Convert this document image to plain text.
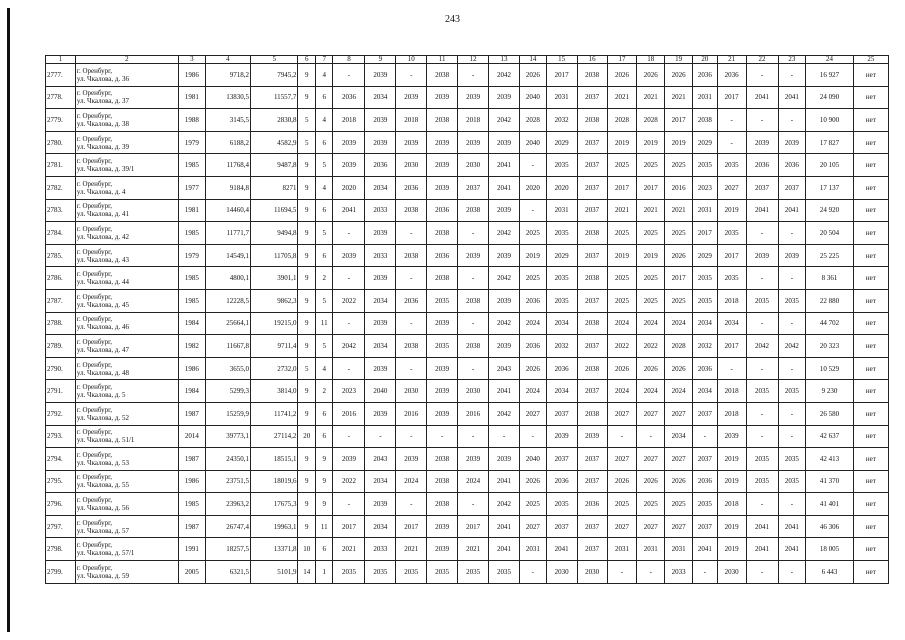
243
1	2	3	4	5	6	7	8	9	10	11	12	13	14	15	16	17	18	19	20	21	22	23	24	25
2777.	г. Оренбург,
ул. Чкалова, д. 36	1986	9718,2	7945,2	9	4	-	2039	-	2038	-	2042	2026	2017	2038	2026	2026	2026	2036	2036	-	-	16 927	нет
2778.	г. Оренбург,
ул. Чкалова, д. 37	1981	13830,5	11557,7	9	6	2036	2034	2039	2039	2039	2039	2040	2031	2037	2021	2021	2021	2031	2017	2041	2041	24 090	нет
2779.	г. Оренбург,
ул. Чкалова, д. 38	1988	3145,5	2830,8	5	4	2018	2039	2018	2038	2018	2042	2028	2032	2038	2028	2028	2017	2038	-	-	-	10 900	нет
2780.	г. Оренбург,
ул. Чкалова, д. 39	1979	6188,2	4582,9	5	6	2039	2039	2039	2039	2039	2039	2040	2029	2037	2019	2019	2019	2029	-	2039	2039	17 827	нет
2781.	г. Оренбург,
ул. Чкалова, д. 39/1	1985	11768,4	9487,8	9	5	2039	2036	2030	2039	2030	2041	-	2035	2037	2025	2025	2025	2035	2035	2036	2036	20 105	нет
2782.	г. Оренбург,
ул. Чкалова, д. 4	1977	9184,8	8271	9	4	2020	2034	2036	2039	2037	2041	2020	2020	2037	2017	2017	2016	2023	2027	2037	2037	17 137	нет
2783.	г. Оренбург,
ул. Чкалова, д. 41	1981	14460,4	11694,5	9	6	2041	2033	2038	2036	2038	2039	-	2031	2037	2021	2021	2021	2031	2019	2041	2041	24 920	нет
2784.	г. Оренбург,
ул. Чкалова, д. 42	1985	11771,7	9494,8	9	5	-	2039	-	2038	-	2042	2025	2035	2038	2025	2025	2025	2017	2035	-	-	20 504	нет
2785.	г. Оренбург,
ул. Чкалова, д. 43	1979	14549,1	11705,8	9	6	2039	2033	2038	2036	2039	2039	2019	2029	2037	2019	2019	2026	2029	2017	2039	2039	25 225	нет
2786.	г. Оренбург,
ул. Чкалова, д. 44	1985	4800,1	3901,1	9	2	-	2039	-	2038	-	2042	2025	2035	2038	2025	2025	2017	2035	2035	-	-	8 361	нет
2787.	г. Оренбург,
ул. Чкалова, д. 45	1985	12228,5	9862,3	9	5	2022	2034	2036	2035	2038	2039	2036	2035	2037	2025	2025	2025	2035	2018	2035	2035	22 880	нет
2788.	г. Оренбург,
ул. Чкалова, д. 46	1984	25664,1	19215,0	9	11	-	2039	-	2039	-	2042	2024	2034	2038	2024	2024	2024	2034	2034	-	-	44 702	нет
2789.	г. Оренбург,
ул. Чкалова, д. 47	1982	11667,8	9711,4	9	5	2042	2034	2038	2035	2038	2039	2036	2032	2037	2022	2022	2028	2032	2017	2042	2042	20 323	нет
2790.	г. Оренбург,
ул. Чкалова, д. 48	1986	3655,0	2732,0	5	4	-	2039	-	2039	-	2043	2026	2036	2038	2026	2026	2026	2036	-	-	-	10 529	нет
2791.	г. Оренбург,
ул. Чкалова, д. 5	1984	5299,3	3814,0	9	2	2023	2040	2030	2039	2030	2041	2024	2034	2037	2024	2024	2024	2034	2018	2035	2035	9 230	нет
2792.	г. Оренбург,
ул. Чкалова, д. 52	1987	15259,9	11741,2	9	6	2016	2039	2016	2039	2016	2042	2027	2037	2038	2027	2027	2027	2037	2018	-	-	26 580	нет
2793.	г. Оренбург,
ул. Чкалова, д. 51/1	2014	39773,1	27114,2	20	6	-	-	-	-	-	-	-	2039	2039	-	-	2034	-	2039	-	-	42 637	нет
2794.	г. Оренбург,
ул. Чкалова, д. 53	1987	24350,1	18515,1	9	9	2039	2043	2039	2038	2039	2039	2040	2037	2037	2027	2027	2027	2037	2019	2035	2035	42 413	нет
2795.	г. Оренбург,
ул. Чкалова, д. 55	1986	23751,5	18019,6	9	9	2022	2034	2024	2038	2024	2041	2026	2036	2037	2026	2026	2026	2036	2019	2035	2035	41 370	нет
2796.	г. Оренбург,
ул. Чкалова, д. 56	1985	23963,2	17675,3	9	9	-	2039	-	2038	-	2042	2025	2035	2036	2025	2025	2025	2035	2018	-	-	41 401	нет
2797.	г. Оренбург,
ул. Чкалова, д. 57	1987	26747,4	19963,1	9	11	2017	2034	2017	2039	2017	2041	2027	2037	2037	2027	2027	2027	2037	2019	2041	2041	46 306	нет
2798.	г. Оренбург,
ул. Чкалова, д. 57/1	1991	18257,5	13371,8	10	6	2021	2033	2021	2039	2021	2041	2031	2041	2037	2031	2031	2031	2041	2019	2041	2041	18 005	нет
2799.	г. Оренбург,
ул. Чкалова, д. 59	2005	6321,5	5101,9	14	1	2035	2035	2035	2035	2035	2035	-	2030	2030	-	-	2033	-	2030	-	-	6 443	нет
